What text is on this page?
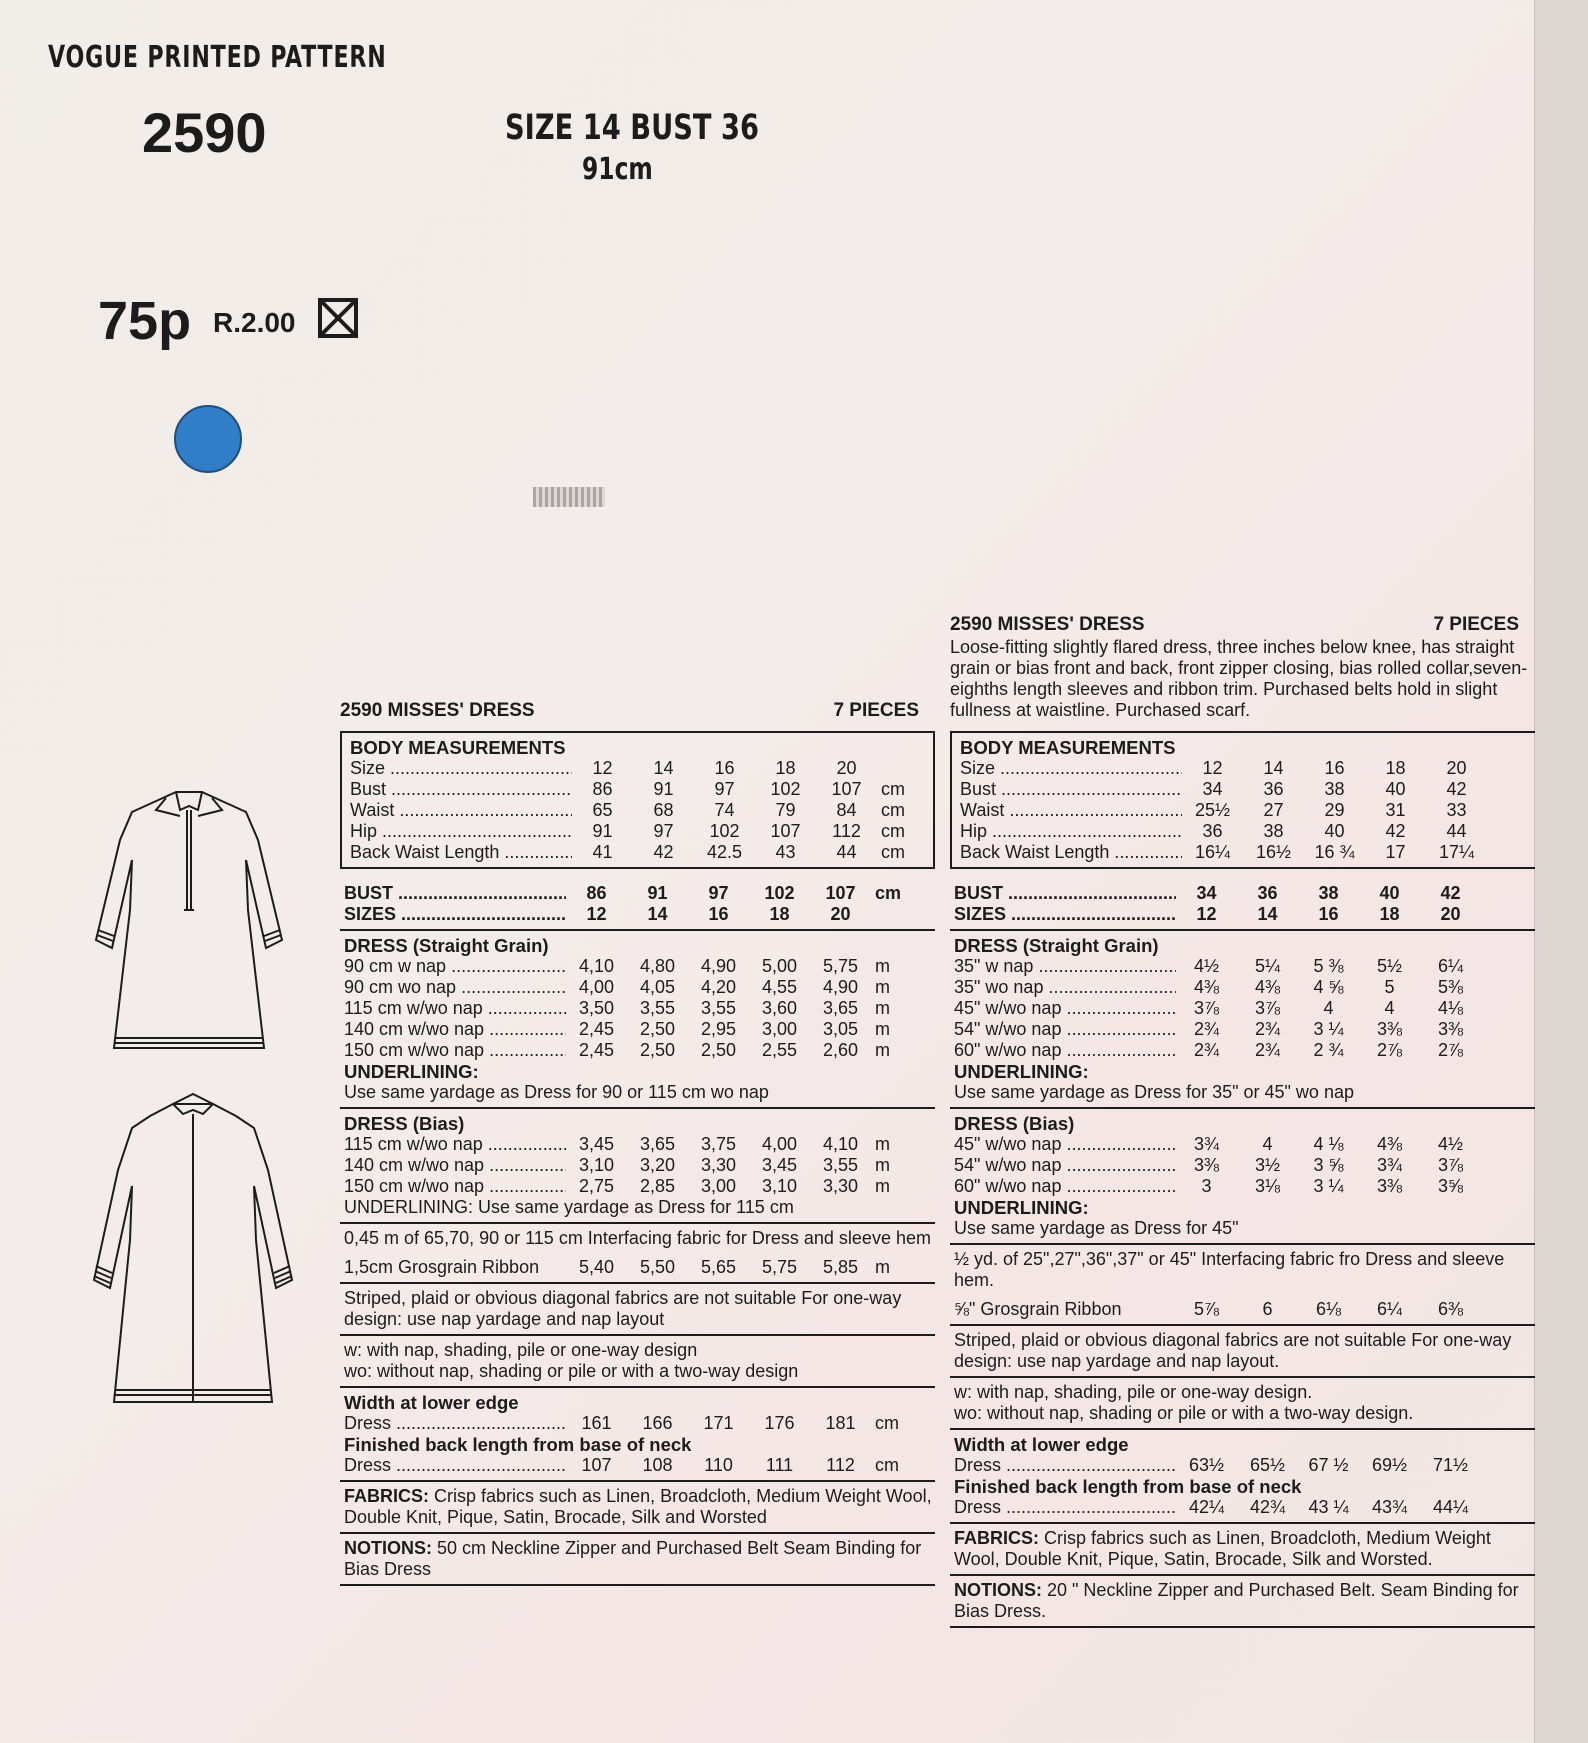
VOGUE PRINTED PATTERN
2590	SIZE 14 BUST 36
91cm
75p R.2.00
2590 MISSES' DRESS	7 PIECES
BODY MEASUREMENTS
Size .....	12	14	16	18	20
Bust .....	86	91	97	102	107	cm
Waist .....	65	68	74	79	84	cm
Hip .....	91	97	102	107	112	cm
Back Waist Length .....	41	42	42.5	43	44	cm
BUST .....	86	91	97	102	107	cm
SIZES .....	12	14	16	18	20
DRESS (Straight Grain)
90 cm w nap .....	4,10	4,80	4,90	5,00	5,75 m
90 cm wo nap .....	4,00	4,05	4,20	4,55	4,90 m
115 cm w/wo nap .....	3,50	3,55	3,55	3,60	3,65 m
140 cm w/wo nap .....	2,45	2,50	2,95	3,00	3,05 m
150 cm w/wo nap .....	2,45	2,50	2,50	2,55	2,60 m
UNDERLINING:
Use same yardage as Dress for 90 or 115 cm wo nap
DRESS (Bias)
115 cm w/wo nap .....	3,45	3,65	3,75	4,00	4,10 m
140 cm w/wo nap .....	3,10	3,20	3,30	3,45	3,55 m
150 cm w/wo nap .....	2,75	2,85	3,00	3,10	3,30 m
UNDERLINING: Use same yardage as Dress for 115 cm
0,45 m of 65,70, 90 or 115 cm Interfacing fabric for Dress and sleeve hem
1,5cm Grosgrain Ribbon	5,40	5,50	5,65	5,75	5,85 m
Striped, plaid or obvious diagonal fabrics are not suitable For one-way design: use nap yardage and nap layout
w: with nap, shading, pile or one-way design
wo: without nap, shading or pile or with a two-way design
Width at lower edge
Dress .....	161	166	171	176	181	cm
Finished back length from base of neck
Dress .....	107	108	110	111	112	cm
FABRICS: Crisp fabrics such as Linen, Broadcloth, Medium Weight Wool, Double Knit, Pique, Satin, Brocade, Silk and Worsted
NOTIONS: 50 cm Neckline Zipper and Purchased Belt Seam Binding for Bias Dress
2590 MISSES' DRESS	7 PIECES
Loose-fitting slightly flared dress, three inches below knee, has straight grain or bias front and back, front zipper closing, bias rolled collar,seven-eighths length sleeves and ribbon trim. Purchased belts hold in slight fullness at waistline. Purchased scarf.
BODY MEASUREMENTS
Size .....	12	14	16	18	20
Bust .....	34	36	38	40	42
Waist .....	25½	27	29	31	33
Hip .....	36	38	40	42	44
Back Waist Length .....	16¼	16½	16 ¾	17	17¼
BUST .....	34	36	38	40	42
SIZES .....	12	14	16	18	20
DRESS (Straight Grain)
35" w nap .....	4½	5¼	5 ⅜	5½	6¼
35" wo nap .....	4⅜	4⅜	4 ⅝	5	5⅜
45" w/wo nap .....	3⅞	3⅞	4	4	4⅛
54" w/wo nap .....	2¾	2¾	3 ¼	3⅜	3⅜
60" w/wo nap .....	2¾	2¾	2 ¾	2⅞	2⅞
UNDERLINING:
Use same yardage as Dress for 35" or 45" wo nap
DRESS (Bias)
45" w/wo nap .....	3¾	4	4 ⅛	4⅜	4½
54" w/wo nap .....	3⅜	3½	3 ⅝	3¾	3⅞
60" w/wo nap .....	3	3⅛	3 ¼	3⅜	3⅝
UNDERLINING:
Use same yardage as Dress for 45"
½ yd. of 25",27",36",37" or 45" Interfacing fabric fro Dress and sleeve hem.
⅝" Grosgrain Ribbon	5⅞	6	6⅛	6¼	6⅜
Striped, plaid or obvious diagonal fabrics are not suitable For one-way design: use nap yardage and nap layout.
w: with nap, shading, pile or one-way design.
wo: without nap, shading or pile or with a two-way design.
Width at lower edge
Dress .....	63½	65½	67 ½	69½	71½
Finished back length from base of neck
Dress .....	42¼	42¾	43 ¼	43¾	44¼
FABRICS: Crisp fabrics such as Linen, Broadcloth, Medium Weight Wool, Double Knit, Pique, Satin, Brocade, Silk and Worsted.
NOTIONS: 20 " Neckline Zipper and Purchased Belt. Seam Binding for Bias Dress.
